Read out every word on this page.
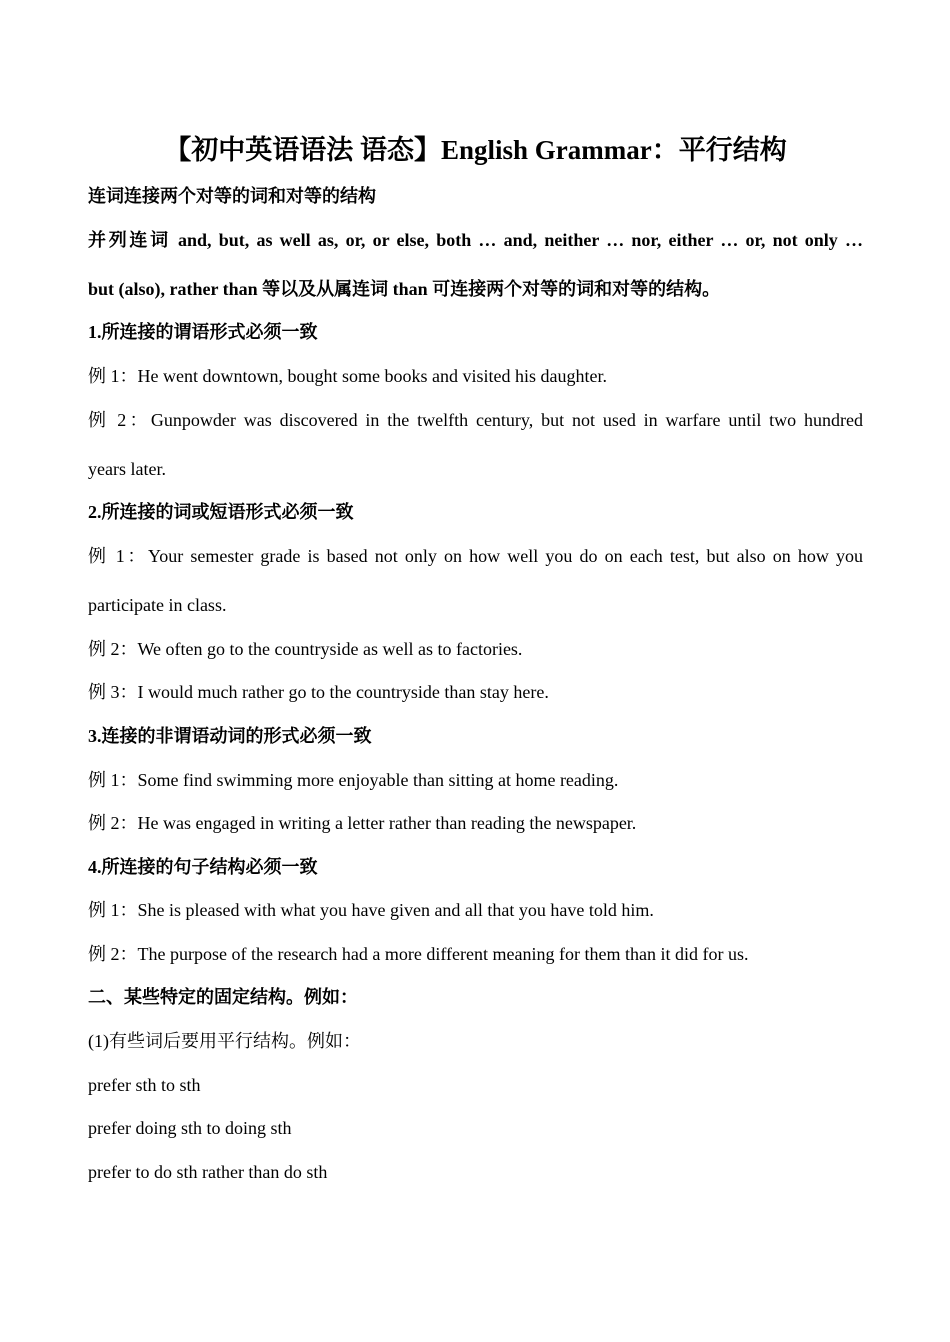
【初中英语语法 语态】English Grammar：平行结构
连词连接两个对等的词和对等的结构
并列连词 and, but, as well as, or, or else, both … and, neither … nor, either … or, not only …
but (also), rather than 等以及从属连词 than 可连接两个对等的词和对等的结构。
1.所连接的谓语形式必须一致
例 1：He went downtown, bought some books and visited his daughter.
例 2：Gunpowder was discovered in the twelfth century, but not used in warfare until two hundred
years later.
2.所连接的词或短语形式必须一致
例 1：Your semester grade is based not only on how well you do on each test, but also on how you
participate in class.
例 2：We often go to the countryside as well as to factories.
例 3：I would much rather go to the countryside than stay here.
3.连接的非谓语动词的形式必须一致
例 1：Some find swimming more enjoyable than sitting at home reading.
例 2：He was engaged in writing a letter rather than reading the newspaper.
4.所连接的句子结构必须一致
例 1：She is pleased with what you have given and all that you have told him.
例 2：The purpose of the research had a more different meaning for them than it did for us.
二、某些特定的固定结构。例如：
(1)有些词后要用平行结构。例如：
prefer sth to sth
prefer doing sth to doing sth
prefer to do sth rather than do sth
